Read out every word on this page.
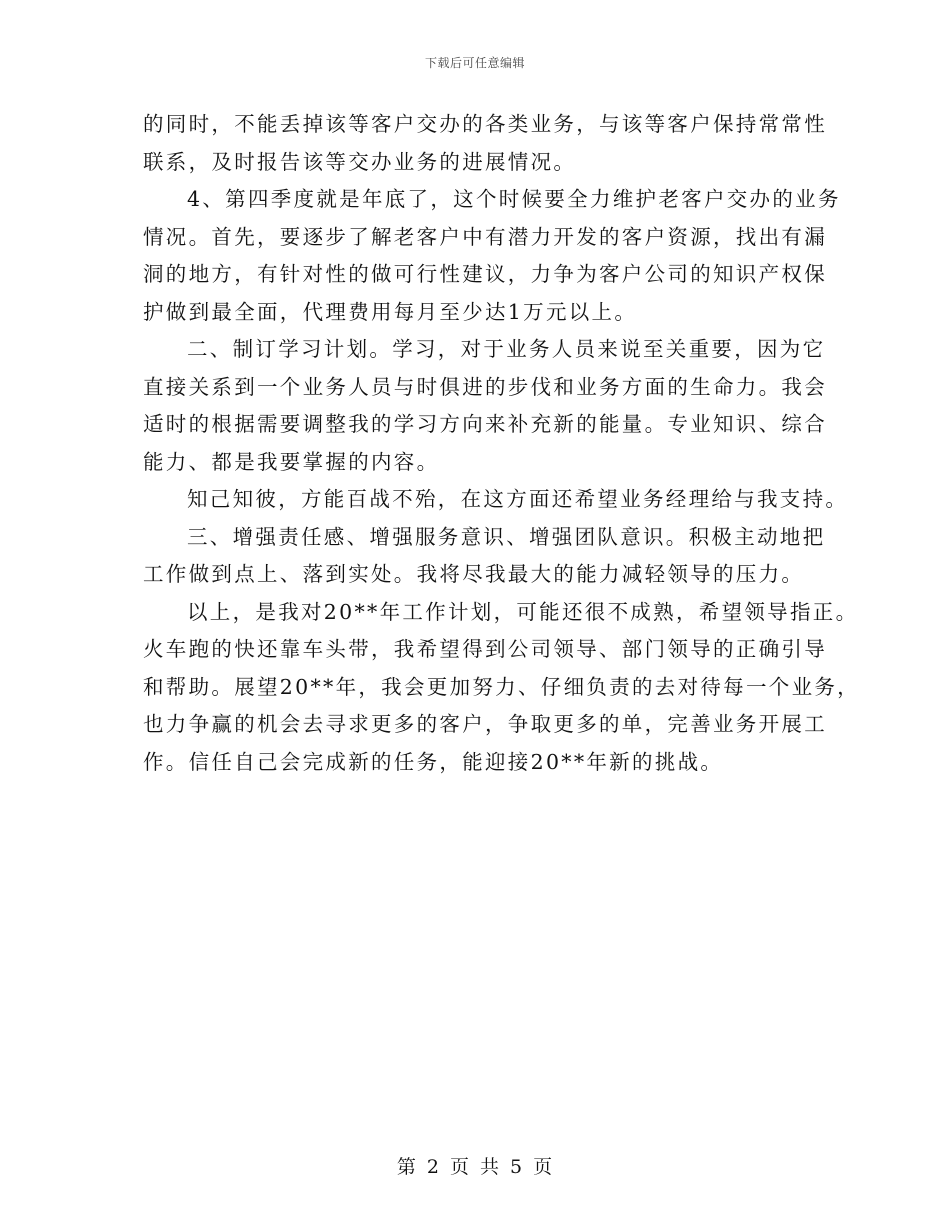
下载后可任意编辑
的同时，不能丢掉该等客户交办的各类业务，与该等客户保持常常性
联系，及时报告该等交办业务的进展情况。
4、第四季度就是年底了，这个时候要全力维护老客户交办的业务
情况。首先，要逐步了解老客户中有潜力开发的客户资源，找出有漏
洞的地方，有针对性的做可行性建议，力争为客户公司的知识产权保
护做到最全面，代理费用每月至少达1万元以上。
二、制订学习计划。学习，对于业务人员来说至关重要，因为它
直接关系到一个业务人员与时俱进的步伐和业务方面的生命力。我会
适时的根据需要调整我的学习方向来补充新的能量。专业知识、综合
能力、都是我要掌握的内容。
知己知彼，方能百战不殆，在这方面还希望业务经理给与我支持。
三、增强责任感、增强服务意识、增强团队意识。积极主动地把
工作做到点上、落到实处。我将尽我最大的能力减轻领导的压力。
以上，是我对20**年工作计划，可能还很不成熟，希望领导指正。
火车跑的快还靠车头带，我希望得到公司领导、部门领导的正确引导
和帮助。展望20**年，我会更加努力、仔细负责的去对待每一个业务，
也力争赢的机会去寻求更多的客户，争取更多的单，完善业务开展工
作。信任自己会完成新的任务，能迎接20**年新的挑战。
第 2 页 共 5 页
